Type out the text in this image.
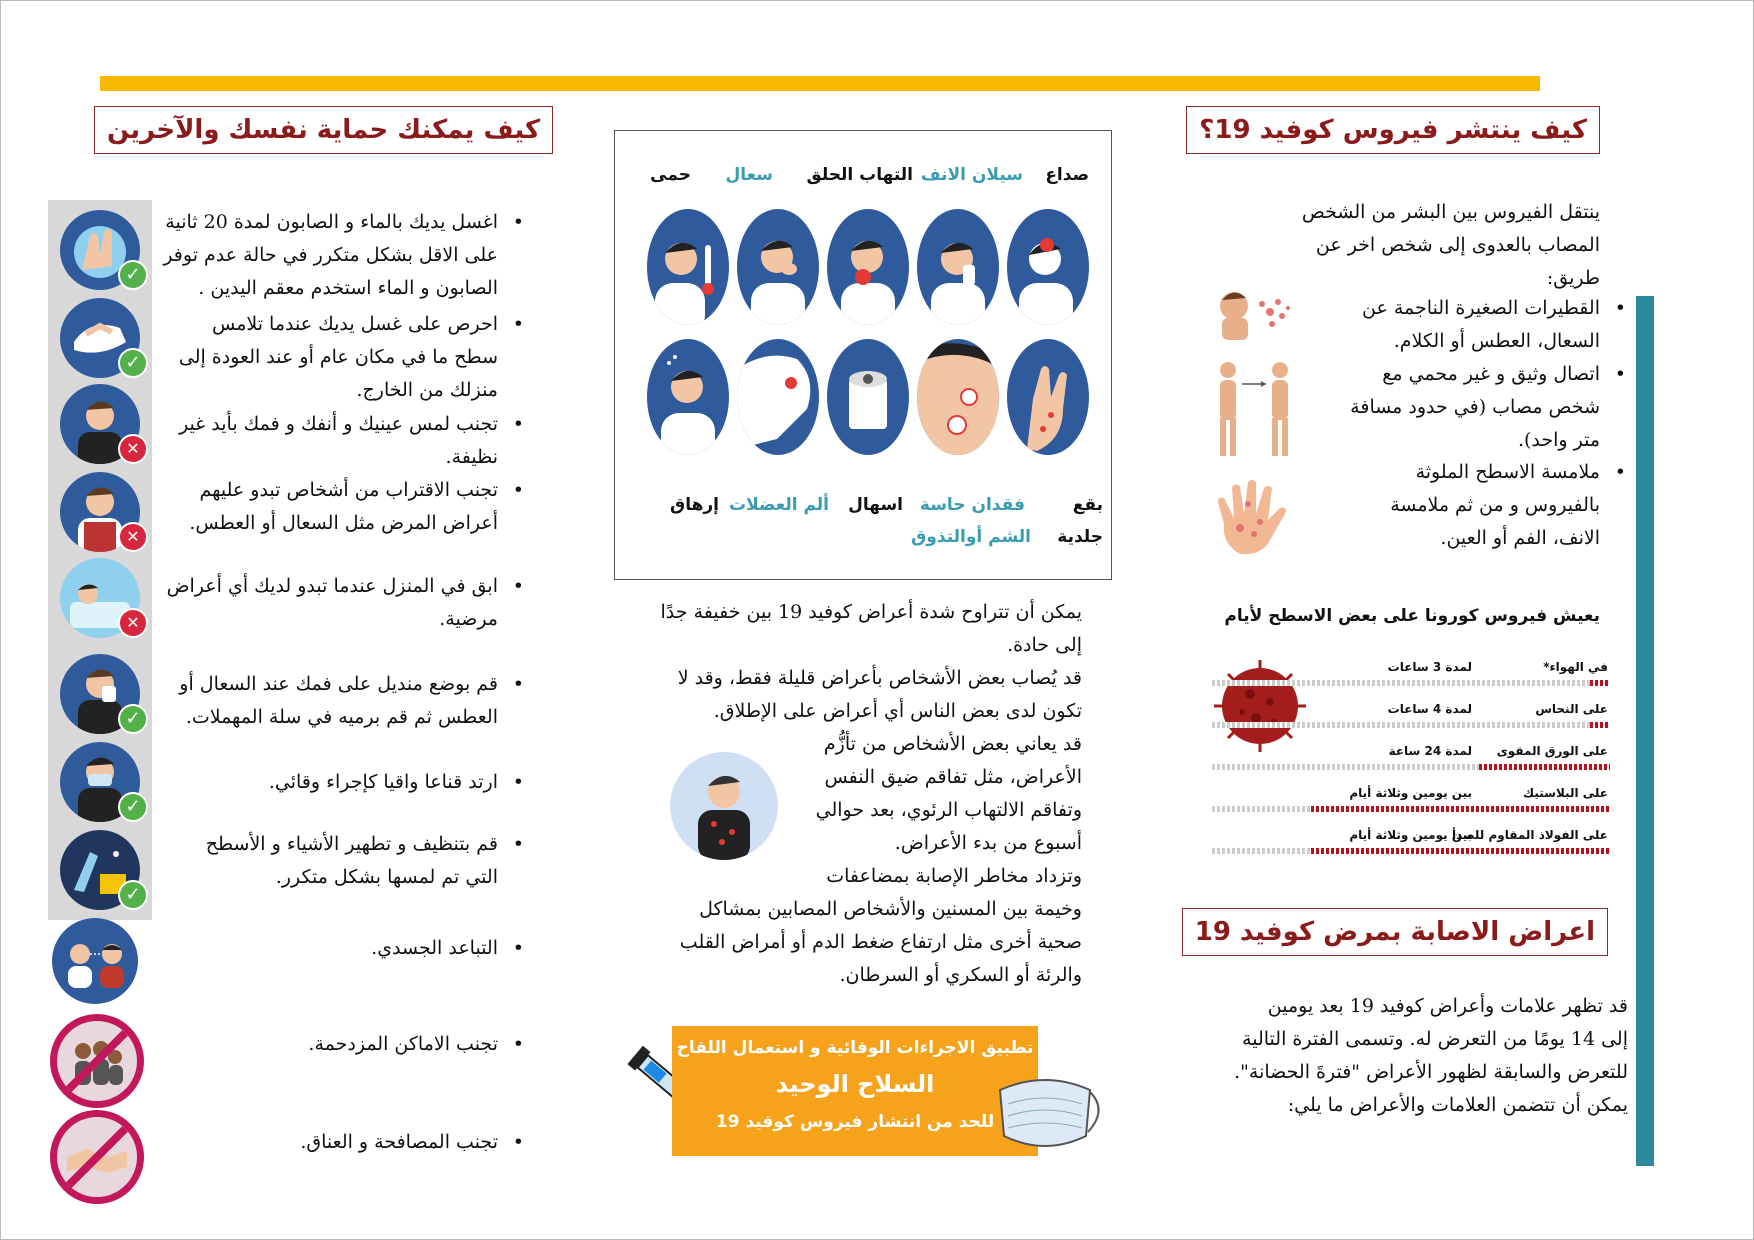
كيف ينتشر فيروس كوفيد 19؟
ينتقل الفيروس بين البشر من الشخص
المصاب بالعدوى إلى شخص اخر عن طريق:
• القطيرات الصغيرة الناجمة عن
السعال، العطس أو الكلام.
• اتصال وثيق و غير محمي مع
شخص مصاب (في حدود مسافة
متر واحد).
• ملامسة الاسطح الملوثة
بالفيروس و من ثم ملامسة
الانف، الفم أو العين.
يعيش فيروس كورونا على بعض الاسطح لأيام
في الهواء*
لمدة 3 ساعات
على النحاس
لمدة 4 ساعات
على الورق المقوى
لمدة 24 ساعة
على البلاستيك
بين يومين وثلاثة أيام
على الفولاذ المقاوم للصدأ
بين يومين وثلاثة أيام
اعراض الاصابة بمرض كوفيد 19
قد تظهر علامات وأعراض كوفيد 19 بعد يومين
إلى 14 يومًا من التعرض له. وتسمى الفترة التالية
للتعرض والسابقة لظهور الأعراض "فترةَ الحضانة".
يمكن أن تتضمن العلامات والأعراض ما يلي:
صداع
سيلان الانف
التهاب الحلق
سعال
حمى
بقع
جلدية
فقدان حاسة
الشم أوالتذوق
اسهال
ألم العضلات
إرهاق
يمكن أن تتراوح شدة أعراض كوفيد 19 بين خفيفة جدًا
إلى حادة.
قد يُصاب بعض الأشخاص بأعراض قليلة فقط، وقد لا
تكون لدى بعض الناس أي أعراض على الإطلاق.
قد يعاني بعض الأشخاص من تأزُّم
الأعراض، مثل تفاقم ضيق النفس
وتفاقم الالتهاب الرئوي، بعد حوالي
أسبوع من بدء الأعراض.
وتزداد مخاطر الإصابة بمضاعفات
وخيمة بين المسنين والأشخاص المصابين بمشاكل
صحية أخرى مثل ارتفاع ضغط الدم أو أمراض القلب
والرئة أو السكري أو السرطان.
تطبيق الاجراءات الوقائية و استعمال اللقاح
السلاح الوحيد
للحد من انتشار فيروس كوفيد 19
كيف يمكنك حماية نفسك والآخرين
✓
✓
✕
✕
✕
✓
✓
✓
• اغسل يديك بالماء و الصابون لمدة 20 ثانية
على الاقل بشكل متكرر في حالة عدم توفر
الصابون و الماء استخدم معقم اليدين .
• احرص على غسل يديك عندما تلامس
سطح ما في مكان عام أو عند العودة إلى
منزلك من الخارج.
• تجنب لمس عينيك و أنفك و فمك بأيد غير
نظيفة.
• تجنب الاقتراب من أشخاص تبدو عليهم
أعراض المرض مثل السعال أو العطس.
• ابق في المنزل عندما تبدو لديك أي أعراض
مرضية.
• قم بوضع منديل على فمك عند السعال أو
العطس ثم قم برميه في سلة المهملات.
• ارتد قناعا واقيا كإجراء وقائي.
• قم بتنظيف و تطهير الأشياء و الأسطح
التي تم لمسها بشكل متكرر.
• التباعد الجسدي.
• تجنب الاماكن المزدحمة.
• تجنب المصافحة و العناق.
